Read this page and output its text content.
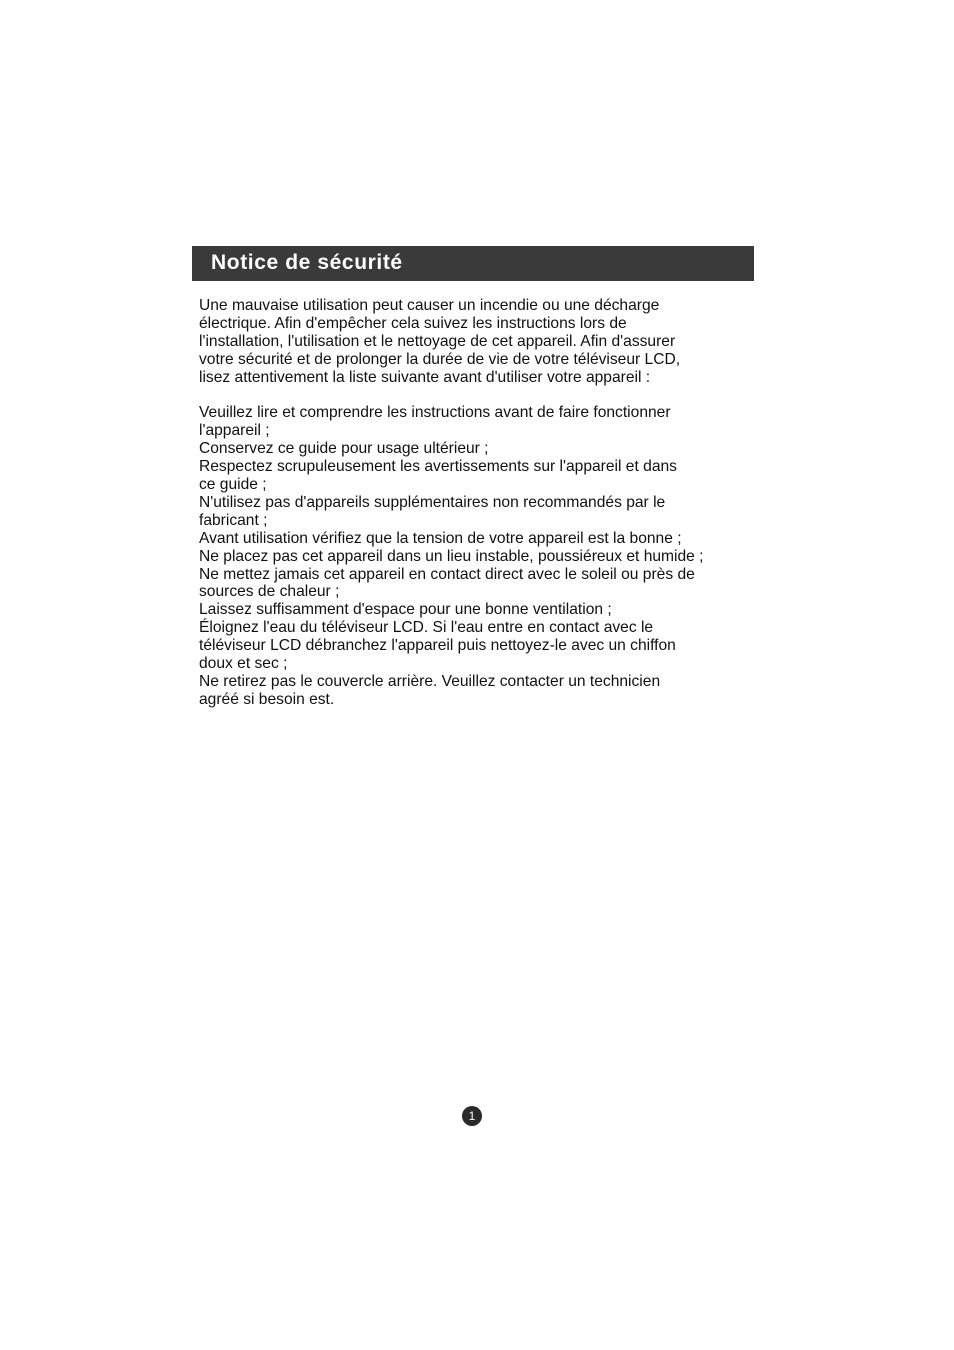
Notice de sécurité

Une mauvaise utilisation peut causer un incendie ou une décharge
électrique. Afin d'empêcher cela suivez les instructions lors de
l'installation, l'utilisation et le nettoyage de cet appareil. Afin d'assurer
votre sécurité et de prolonger la durée de vie de votre téléviseur LCD,
lisez attentivement la liste suivante avant d'utiliser votre appareil :

Veuillez lire et comprendre les instructions avant de faire fonctionner
l'appareil ;
Conservez ce guide pour usage ultérieur ;
Respectez scrupuleusement les avertissements sur l'appareil et dans
ce guide ;
N'utilisez pas d'appareils supplémentaires non recommandés par le
fabricant ;
Avant utilisation vérifiez que la tension de votre appareil est la bonne ;
Ne placez pas cet appareil dans un lieu instable, poussiéreux et humide ;
Ne mettez jamais cet appareil en contact direct avec le soleil ou près de
sources de chaleur ;
Laissez suffisamment d'espace pour une bonne ventilation ;
Éloignez l'eau du téléviseur LCD. Si l'eau entre en contact avec le
téléviseur LCD débranchez l'appareil puis nettoyez-le avec un chiffon
doux et sec ;
Ne retirez pas le couvercle arrière. Veuillez contacter un technicien
agréé si besoin est.

1
